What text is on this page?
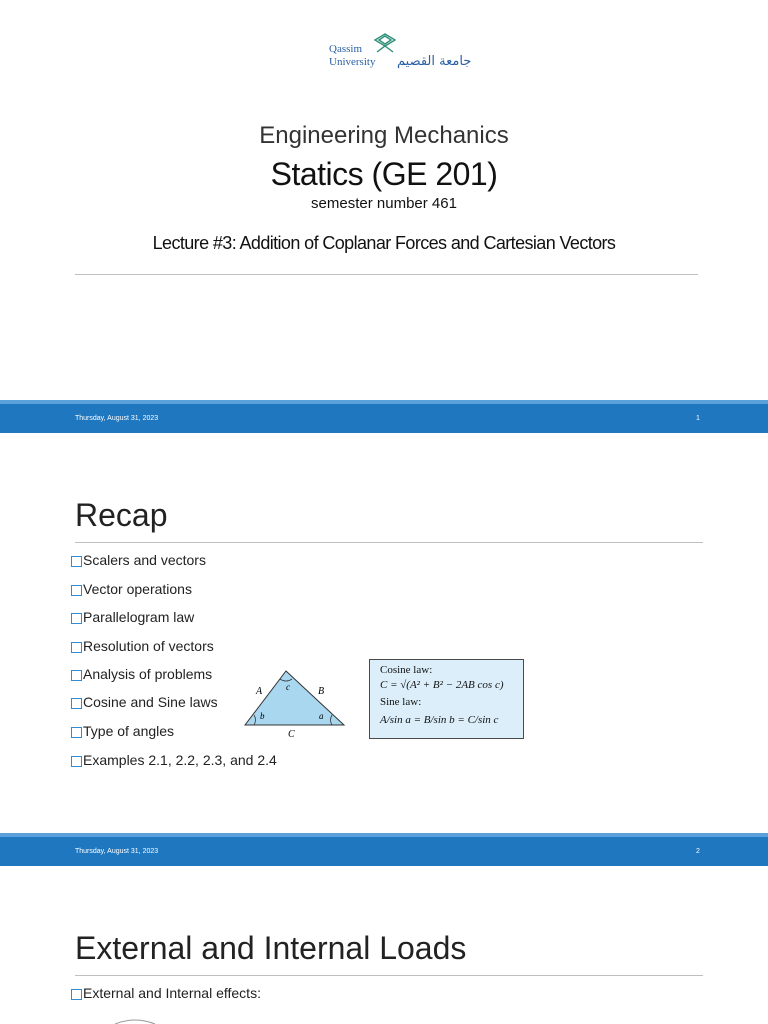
Qassim
University جامعة القصيم
Engineering Mechanics
Statics (GE 201)
semester number 461
Lecture #3: Addition of Coplanar Forces and Cartesian Vectors
Thursday, August 31, 2023	1
Recap
Scalers and vectors
Vector operations
Parallelogram law
Resolution of vectors
Analysis of problems
Cosine and Sine laws
Type of angles
Examples 2.1, 2.2, 2.3, and 2.4
A	B
C
c
b	a
Cosine law:
C = √(A² + B² − 2AB cos c)
Sine law:
A/sin a = B/sin b = C/sin c
Thursday, August 31, 2023	2
External and Internal Loads
External and Internal effects:
